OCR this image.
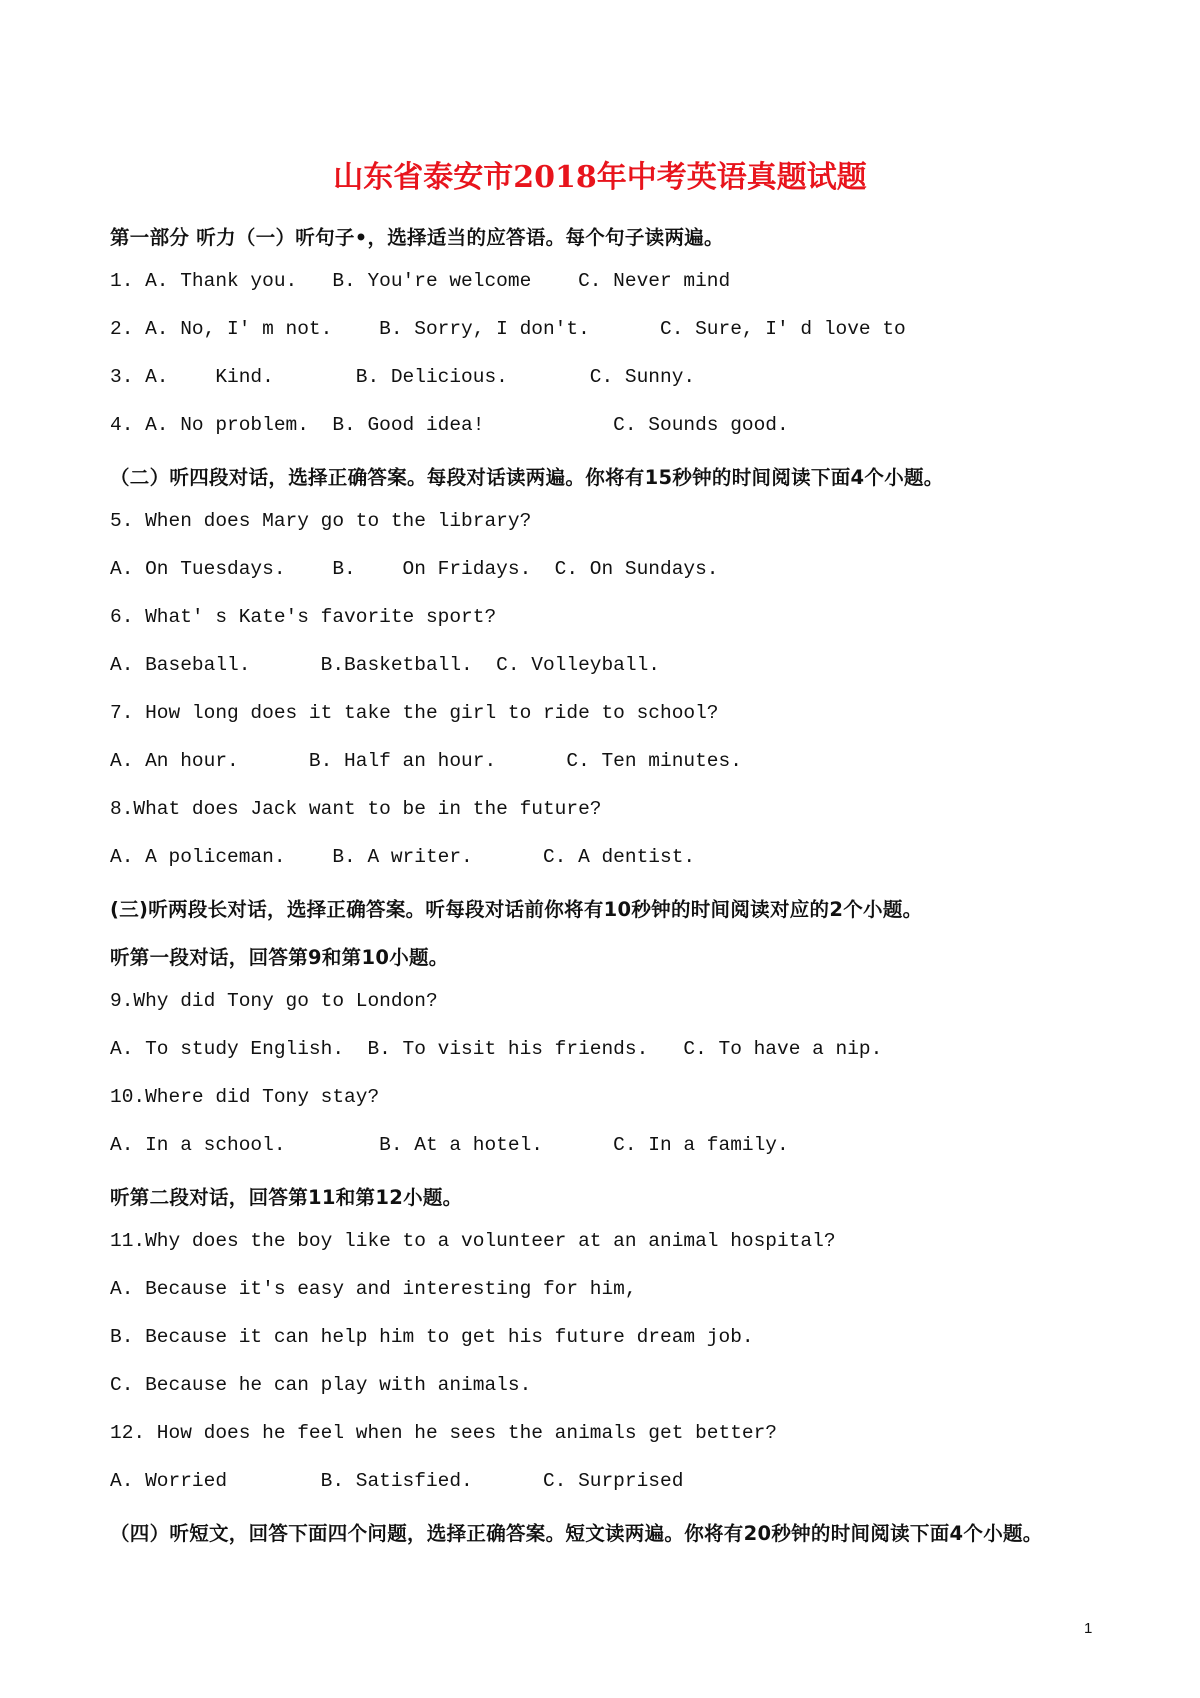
山东省泰安市2018年中考英语真题试题
第一部分 听力（一）听句子•，选择适当的应答语。每个句子读两遍。
1. A. Thank you.   B. You're welcome    C. Never mind
2. A. No, I' m not.    B. Sorry, I don't.      C. Sure, I' d love to
3. A.    Kind.       B. Delicious.       C. Sunny.
4. A. No problem.  B. Good idea!           C. Sounds good.
（二）听四段对话，选择正确答案。每段对话读两遍。你将有15秒钟的时间阅读下面4个小题。
5. When does Mary go to the library?
A. On Tuesdays.    B.    On Fridays.  C. On Sundays.
6. What' s Kate's favorite sport?
A. Baseball.      B.Basketball.  C. Volleyball.
7. How long does it take the girl to ride to school?
A. An hour.      B. Half an hour.      C. Ten minutes.
8.What does Jack want to be in the future?
A. A policeman.    B. A writer.      C. A dentist.
(三)听两段长对话，选择正确答案。听每段对话前你将有10秒钟的时间阅读对应的2个小题。
听第一段对话，回答第9和第10小题。
9.Why did Tony go to London?
A. To study English.  B. To visit his friends.   C. To have a nip.
10.Where did Tony stay?
A. In a school.        B. At a hotel.      C. In a family.
听第二段对话，回答第11和第12小题。
11.Why does the boy like to a volunteer at an animal hospital?
A. Because it's easy and interesting for him,
B. Because it can help him to get his future dream job.
C. Because he can play with animals.
12. How does he feel when he sees the animals get better?
A. Worried        B. Satisfied.      C. Surprised
（四）听短文，回答下面四个问题，选择正确答案。短文读两遍。你将有20秒钟的时间阅读下面4个小题。
1
